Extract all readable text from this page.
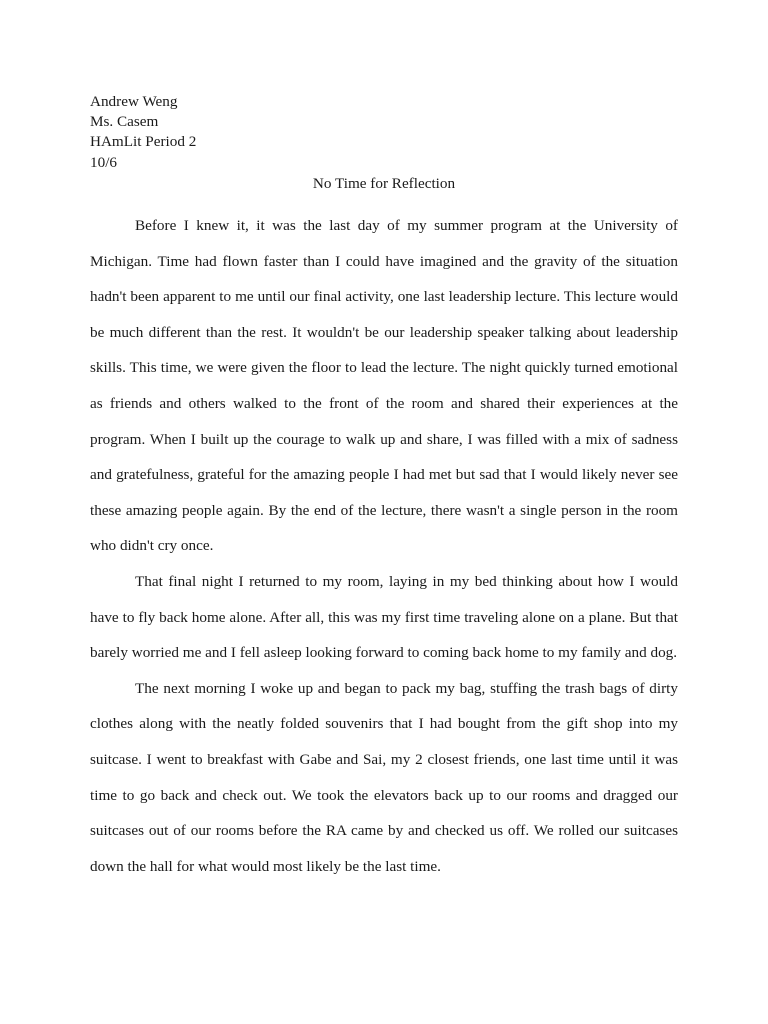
Andrew Weng
Ms. Casem
HAmLit Period 2
10/6
No Time for Reflection

Before I knew it, it was the last day of my summer program at the University of Michigan. Time had flown faster than I could have imagined and the gravity of the situation hadn't been apparent to me until our final activity, one last leadership lecture. This lecture would be much different than the rest. It wouldn't be our leadership speaker talking about leadership skills. This time, we were given the floor to lead the lecture. The night quickly turned emotional as friends and others walked to the front of the room and shared their experiences at the program. When I built up the courage to walk up and share, I was filled with a mix of sadness and gratefulness, grateful for the amazing people I had met but sad that I would likely never see these amazing people again. By the end of the lecture, there wasn't a single person in the room who didn't cry once.

That final night I returned to my room, laying in my bed thinking about how I would have to fly back home alone. After all, this was my first time traveling alone on a plane. But that barely worried me and I fell asleep looking forward to coming back home to my family and dog.

The next morning I woke up and began to pack my bag, stuffing the trash bags of dirty clothes along with the neatly folded souvenirs that I had bought from the gift shop into my suitcase. I went to breakfast with Gabe and Sai, my 2 closest friends, one last time until it was time to go back and check out. We took the elevators back up to our rooms and dragged our suitcases out of our rooms before the RA came by and checked us off. We rolled our suitcases down the hall for what would most likely be the last time.
